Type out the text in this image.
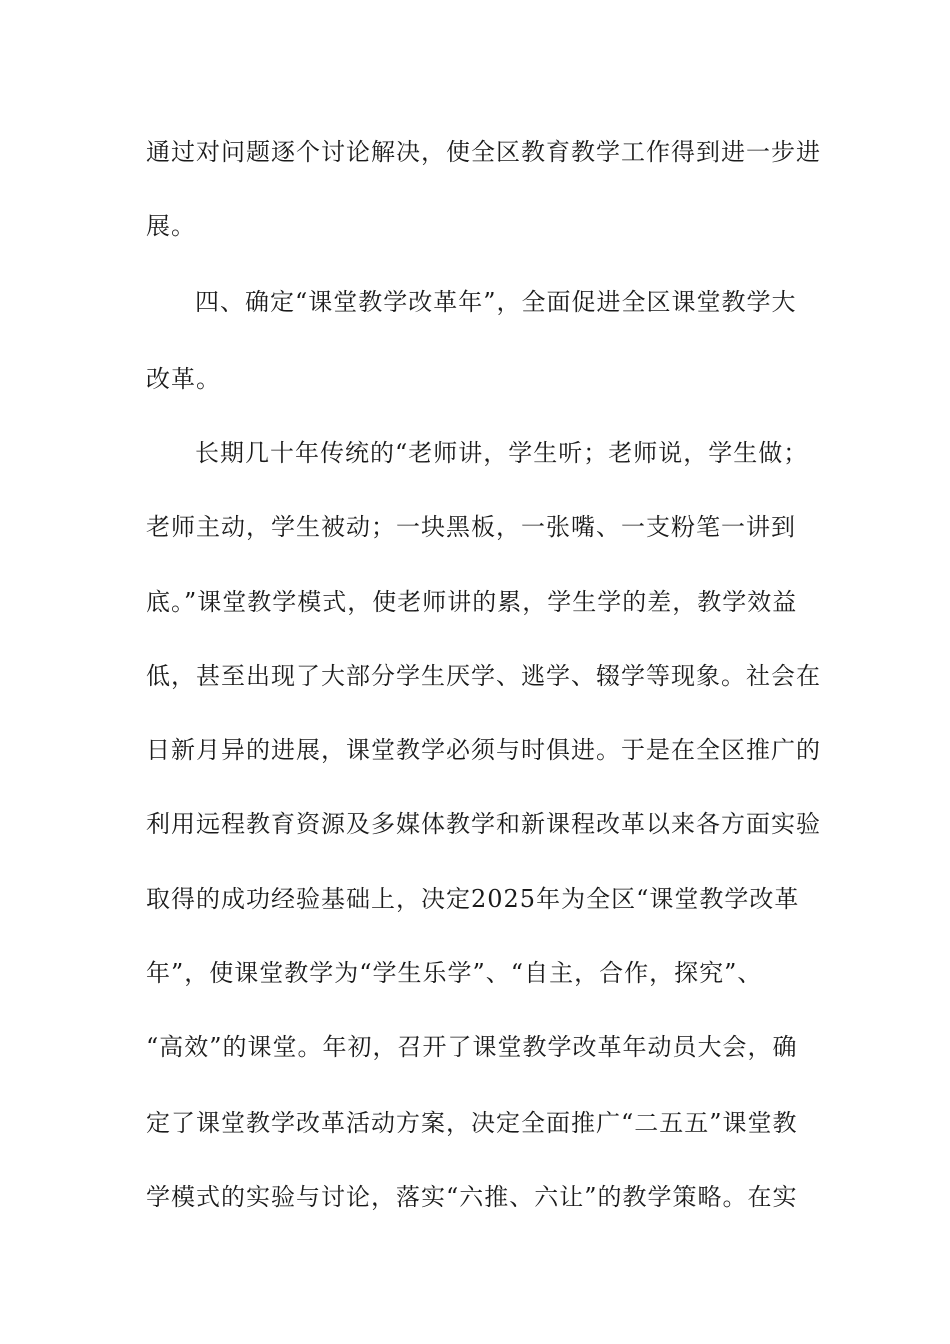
通过对问题逐个讨论解决，使全区教育教学工作得到进一步进
展。
四、确定“课堂教学改革年”，全面促进全区课堂教学大
改革。
长期几十年传统的“老师讲，学生听；老师说，学生做；
老师主动，学生被动；一块黑板，一张嘴、一支粉笔一讲到
底。”课堂教学模式，使老师讲的累，学生学的差，教学效益
低，甚至出现了大部分学生厌学、逃学、辍学等现象。社会在
日新月异的进展，课堂教学必须与时俱进。于是在全区推广的
利用远程教育资源及多媒体教学和新课程改革以来各方面实验
取得的成功经验基础上，决定2025年为全区“课堂教学改革
年”，使课堂教学为“学生乐学”、“自主，合作，探究”、
“高效”的课堂。年初，召开了课堂教学改革年动员大会，确
定了课堂教学改革活动方案，决定全面推广“二五五”课堂教
学模式的实验与讨论，落实“六推、六让”的教学策略。在实
